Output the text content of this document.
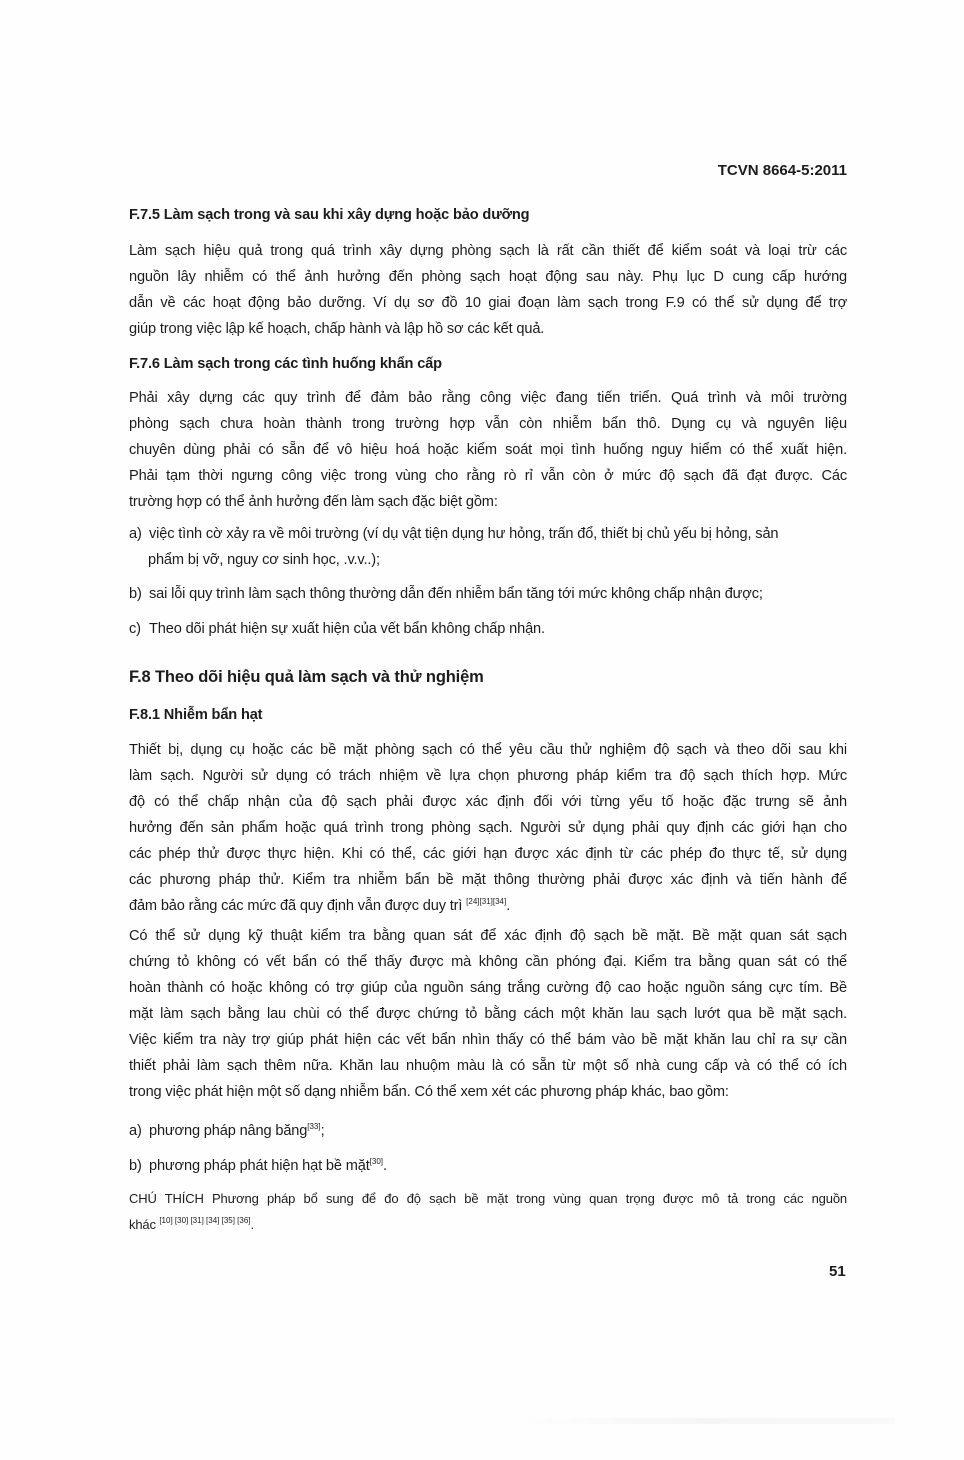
TCVN 8664-5:2011
F.7.5 Làm sạch trong và sau khi xây dựng hoặc bảo dưỡng
Làm sạch hiệu quả trong quá trình xây dựng phòng sạch là rất cần thiết để kiểm soát và loại trừ các
nguồn lây nhiễm có thể ảnh hưởng đến phòng sạch hoạt động sau này. Phụ lục D cung cấp hướng
dẫn về các hoạt động bảo dưỡng. Ví dụ sơ đồ 10 giai đoạn làm sạch trong F.9 có thể sử dụng để trợ
giúp trong việc lập kế hoạch, chấp hành và lập hồ sơ các kết quả.
F.7.6 Làm sạch trong các tình huống khẩn cấp
Phải xây dựng các quy trình để đảm bảo rằng công việc đang tiến triển. Quá trình và môi trường
phòng sạch chưa hoàn thành trong trường hợp vẫn còn nhiễm bẩn thô. Dụng cụ và nguyên liệu
chuyên dùng phải có sẵn để vô hiệu hoá hoặc kiểm soát mọi tình huống nguy hiểm có thể xuất hiện.
Phải tạm thời ngưng công việc trong vùng cho rằng rò rỉ vẫn còn ở mức độ sạch đã đạt được. Các
trường hợp có thể ảnh hưởng đến làm sạch đặc biệt gồm:
a) việc tình cờ xảy ra về môi trường (ví dụ vật tiện dụng hư hỏng, trấn đổ, thiết bị chủ yếu bị hỏng, sản
phẩm bị vỡ, nguy cơ sinh học, .v.v..);
b) sai lỗi quy trình làm sạch thông thường dẫn đến nhiễm bẩn tăng tới mức không chấp nhận được;
c) Theo dõi phát hiện sự xuất hiện của vết bẩn không chấp nhận.
F.8 Theo dõi hiệu quả làm sạch và thử nghiệm
F.8.1 Nhiễm bẩn hạt
Thiết bị, dụng cụ hoặc các bề mặt phòng sạch có thể yêu cầu thử nghiệm độ sạch và theo dõi sau khi
làm sạch. Người sử dụng có trách nhiệm về lựa chọn phương pháp kiểm tra độ sạch thích hợp. Mức
độ có thể chấp nhận của độ sạch phải được xác định đối với từng yếu tố hoặc đặc trưng sẽ ảnh
hưởng đến sản phẩm hoặc quá trình trong phòng sạch. Người sử dụng phải quy định các giới hạn cho
các phép thử được thực hiện. Khi có thể, các giới hạn được xác định từ các phép đo thực tế, sử dụng
các phương pháp thử. Kiểm tra nhiễm bẩn bề mặt thông thường phải được xác định và tiến hành để
đảm bảo rằng các mức đã quy định vẫn được duy trì [24][31][34].
Có thể sử dụng kỹ thuật kiểm tra bằng quan sát để xác định độ sạch bề mặt. Bề mặt quan sát sạch
chứng tỏ không có vết bẩn có thể thấy được mà không cần phóng đại. Kiểm tra bằng quan sát có thể
hoàn thành có hoặc không có trợ giúp của nguồn sáng trắng cường độ cao hoặc nguồn sáng cực tím. Bề
mặt làm sạch bằng lau chùi có thể được chứng tỏ bằng cách một khăn lau sạch lướt qua bề mặt sạch.
Việc kiểm tra này trợ giúp phát hiện các vết bẩn nhìn thấy có thể bám vào bề mặt khăn lau chỉ ra sự cần
thiết phải làm sạch thêm nữa. Khăn lau nhuộm màu là có sẵn từ một số nhà cung cấp và có thể có ích
trong việc phát hiện một số dạng nhiễm bẩn. Có thể xem xét các phương pháp khác, bao gồm:
a) phương pháp nâng băng[33];
b) phương pháp phát hiện hạt bề mặt[30].
CHÚ THÍCH Phương pháp bổ sung để đo độ sạch bề mặt trong vùng quan trọng được mô tả trong các nguồn
khác [10] [30] [31] [34] [35] [36].
51
